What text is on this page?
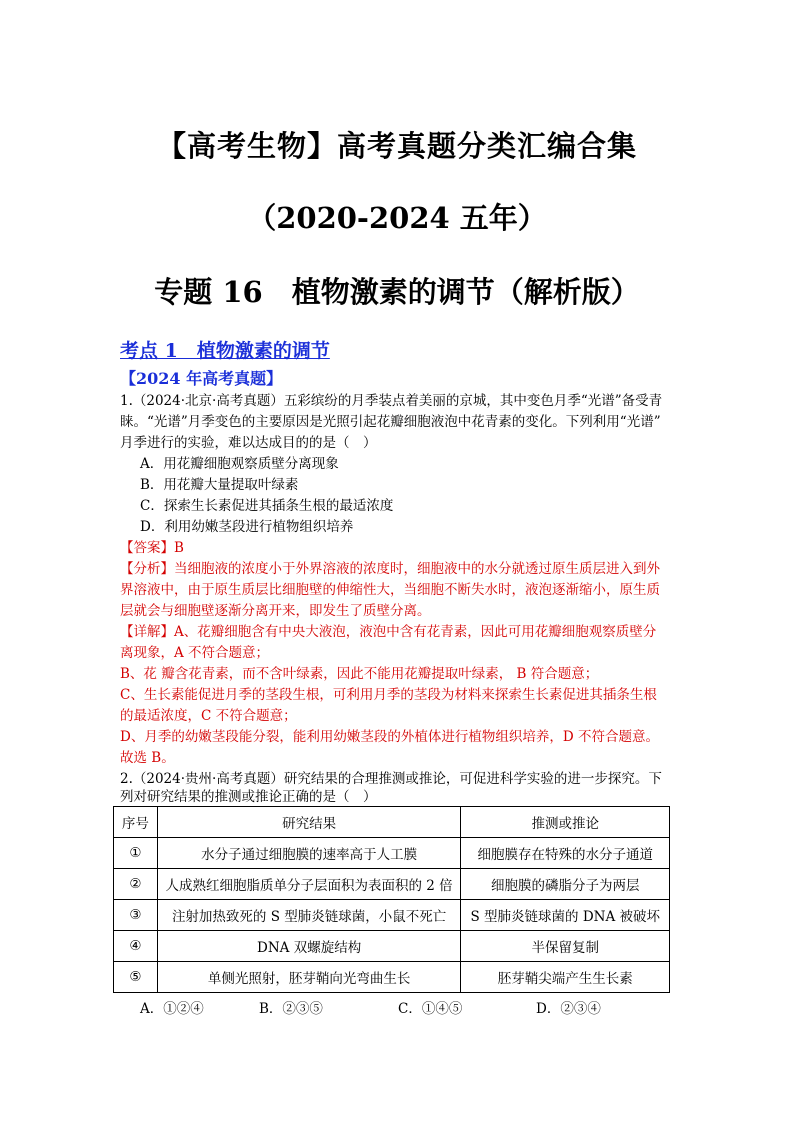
【高考生物】高考真题分类汇编合集
（2020-2024 五年）
专题 16　植物激素的调节（解析版）
考点 1　植物激素的调节
【2024 年高考真题】
1.（2024·北京·高考真题）五彩缤纷的月季装点着美丽的京城，其中变色月季“光谱”备受青
睐。“光谱”月季变色的主要原因是光照引起花瓣细胞液泡中花青素的变化。下列利用“光谱”
月季进行的实验，难以达成目的的是（　）
A．用花瓣细胞观察质壁分离现象
B．用花瓣大量提取叶绿素
C．探索生长素促进其插条生根的最适浓度
D．利用幼嫩茎段进行植物组织培养
【答案】B
【分析】当细胞液的浓度小于外界溶液的浓度时，细胞液中的水分就透过原生质层进入到外
界溶液中，由于原生质层比细胞壁的伸缩性大，当细胞不断失水时，液泡逐渐缩小，原生质
层就会与细胞壁逐渐分离开来，即发生了质壁分离。
【详解】A、花瓣细胞含有中央大液泡，液泡中含有花青素，因此可用花瓣细胞观察质壁分
离现象，A 不符合题意；
B、花 瓣含花青素，而不含叶绿素，因此不能用花瓣提取叶绿素， B 符合题意；
C、生长素能促进月季的茎段生根，可利用月季的茎段为材料来探索生长素促进其插条生根
的最适浓度，C 不符合题意；
D、月季的幼嫩茎段能分裂，能利用幼嫩茎段的外植体进行植物组织培养，D 不符合题意。
故选 B。
2.（2024·贵州·高考真题）研究结果的合理推测或推论，可促进科学实验的进一步探究。下
列对研究结果的推测或推论正确的是（　）
序号	研究结果	推测或推论
①	水分子通过细胞膜的速率高于人工膜	细胞膜存在特殊的水分子通道
②	人成熟红细胞脂质单分子层面积为表面积的 2 倍	细胞膜的磷脂分子为两层
③	注射加热致死的 S 型肺炎链球菌，小鼠不死亡	S 型肺炎链球菌的 DNA 被破坏
④	DNA 双螺旋结构	半保留复制
⑤	单侧光照射，胚芽鞘向光弯曲生长	胚芽鞘尖端产生生长素
A．①②④	B．②③⑤	C．①④⑤	D．②③④
